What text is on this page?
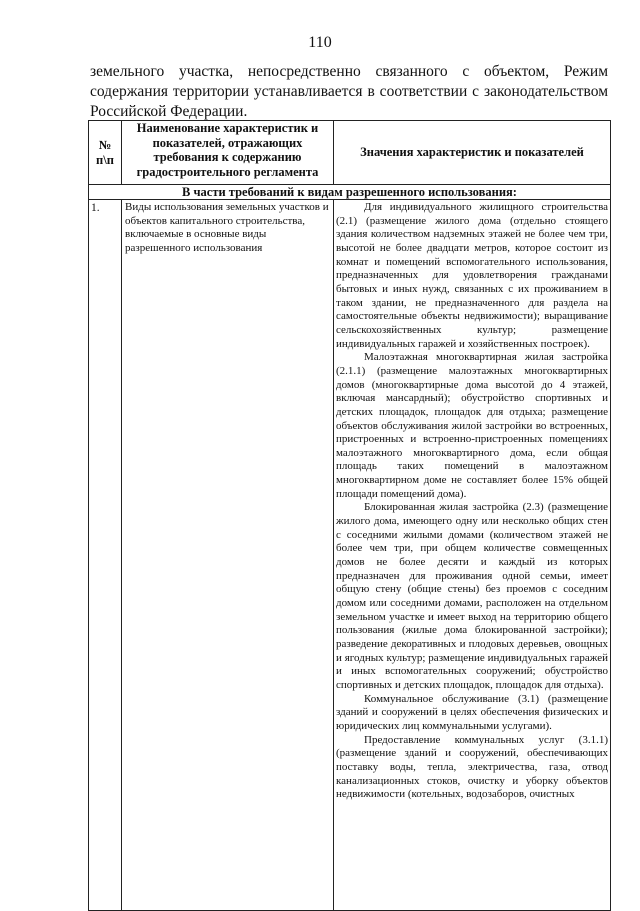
110

земельного участка, непосредственно связанного с объектом, Режим содержания территории устанавливается в соответствии с законодательством Российской Федерации.

№ п\п	Наименование характеристик и показателей, отражающих требования к содержанию градостроительного регламента	Значения характеристик и показателей
В части требований к видам разрешенного использования:		
1.	Виды использования земельных участков и объектов капитального строительства, включаемые в основные виды разрешенного использования	Для индивидуального жилищного строительства (2.1) (размещение жилого дома (отдельно стоящего здания количеством надземных этажей не более чем три, высотой не более двадцати метров, которое состоит из комнат и помещений вспомогательного использования, предназначенных для удовлетворения гражданами бытовых и иных нужд, связанных с их проживанием в таком здании, не предназначенного для раздела на самостоятельные объекты недвижимости); выращивание сельскохозяйственных культур; размещение индивидуальных гаражей и хозяйственных построек).

Малоэтажная многоквартирная жилая застройка (2.1.1) (размещение малоэтажных многоквартирных домов (многоквартирные дома высотой до 4 этажей, включая мансардный); обустройство спортивных и детских площадок, площадок для отдыха; размещение объектов обслуживания жилой застройки во встроенных, пристроенных и встроенно-пристроенных помещениях малоэтажного многоквартирного дома, если общая площадь таких помещений в малоэтажном многоквартирном доме не составляет более 15% общей площади помещений дома).

Блокированная жилая застройка (2.3) (размещение жилого дома, имеющего одну или несколько общих стен с соседними жилыми домами (количеством этажей не более чем три, при общем количестве совмещенных домов не более десяти и каждый из которых предназначен для проживания одной семьи, имеет общую стену (общие стены) без проемов с соседним домом или соседними домами, расположен на отдельном земельном участке и имеет выход на территорию общего пользования (жилые дома блокированной застройки); разведение декоративных и плодовых деревьев, овощных и ягодных культур; размещение индивидуальных гаражей и иных вспомогательных сооружений; обустройство спортивных и детских площадок, площадок для отдыха).

Коммунальное обслуживание (3.1) (размещение зданий и сооружений в целях обеспечения физических и юридических лиц коммунальными услугами).

Предоставление коммунальных услуг (3.1.1) (размещение зданий и сооружений, обеспечивающих поставку воды, тепла, электричества, газа, отвод канализационных стоков, очистку и уборку объектов недвижимости (котельных, водозаборов, очистных
